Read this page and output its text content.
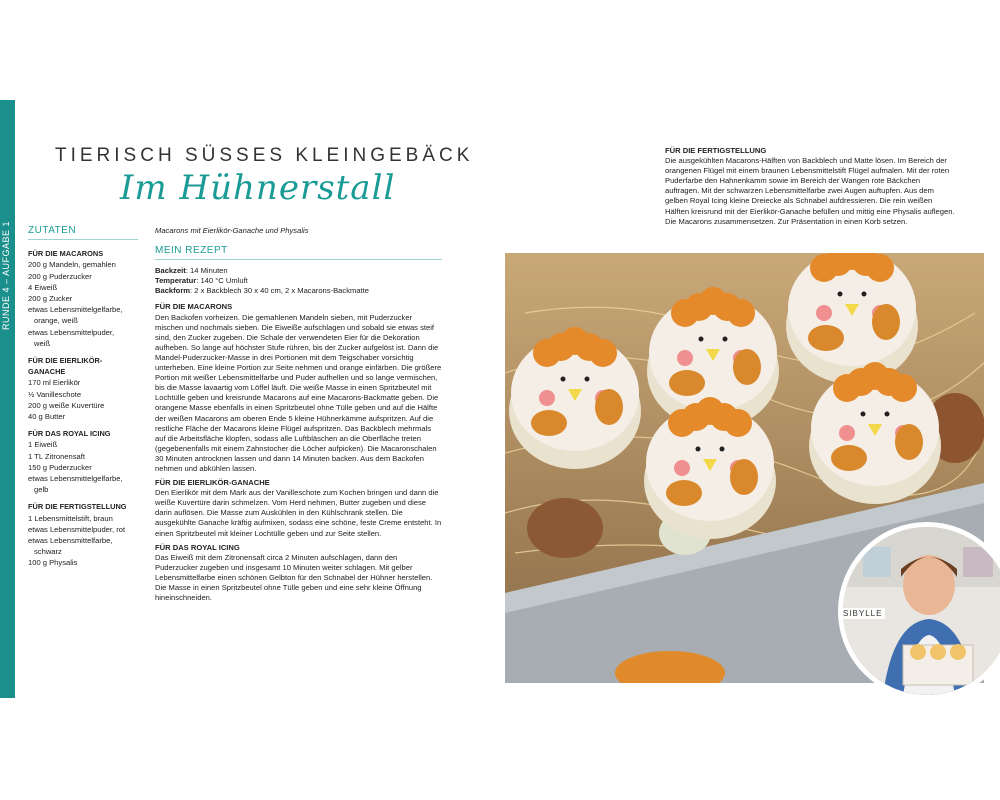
RUNDE 4 – AUFGABE 1
116
TIERISCH SÜSSES KLEINGEBÄCK
Im Hühnerstall
ZUTATEN
FÜR DIE MACARONS
200 g Mandeln, gemahlen
200 g Puderzucker
4 Eiweiß
200 g Zucker
etwas Lebensmittelgelfarbe,
orange, weiß
etwas Lebensmittelpuder,
weiß
FÜR DIE EIERLIKÖR-GANACHE
170 ml Eierlikör
½ Vanilleschote
200 g weiße Kuvertüre
40 g Butter
FÜR DAS ROYAL ICING
1 Eiweiß
1 TL Zitronensaft
150 g Puderzucker
etwas Lebensmittelgelfarbe,
gelb
FÜR DIE FERTIGSTELLUNG
1 Lebensmittelstift, braun
etwas Lebensmittelpuder, rot
etwas Lebensmittelfarbe,
schwarz
100 g Physalis
Macarons mit Eierlikör-Ganache und Physalis
MEIN REZEPT
Backzeit: 14 Minuten
Temperatur: 140 °C Umluft
Backform: 2 x Backblech 30 x 40 cm, 2 x Macarons-Backmatte
FÜR DIE MACARONS

Den Backofen vorheizen. Die gemahlenen Mandeln sieben, mit Puderzucker mischen und nochmals sieben. Die Eiweiße aufschlagen und sobald sie etwas steif sind, den Zucker zugeben. Die Schale der verwendeten Eier für die Dekoration aufheben. So lange auf höchster Stufe rühren, bis der Zucker aufgelöst ist. Dann die Mandel-Puderzucker-Masse in drei Portionen mit dem Teigschaber vorsichtig unterheben. Eine kleine Portion zur Seite nehmen und orange einfärben. Die größere Portion mit weißer Lebensmittelfarbe und Puder aufhellen und so lange vermischen, bis die Masse lavaartig vom Löffel läuft. Die weiße Masse in einen Spritzbeutel mit Lochtülle geben und kreisrunde Macarons auf eine Macarons-Backmatte geben. Die orangene Masse ebenfalls in einen Spritzbeutel ohne Tülle geben und auf die Hälfte der weißen Macarons am oberen Ende 5 kleine Hühnerkämme aufspritzen. Auf die restliche Fläche der Macarons kleine Flügel aufspritzen. Das Backblech mehrmals auf die Arbeitsfläche klopfen, sodass alle Luftbläschen an die Oberfläche treten (gegebenenfalls mit einem Zahnstocher die Löcher aufpicken). Die Macaronschalen 30 Minuten antrocknen lassen und dann 14 Minuten backen. Aus dem Backofen nehmen und abkühlen lassen.

FÜR DIE EIERLIKÖR-GANACHE

Den Eierlikör mit dem Mark aus der Vanilleschote zum Kochen bringen und dann die weiße Kuvertüre darin schmelzen. Vom Herd nehmen, Butter zugeben und diese darin auflösen. Die Masse zum Auskühlen in den Kühlschrank stellen. Die ausgekühlte Ganache kräftig aufmixen, sodass eine schöne, feste Creme entsteht. In einen Spritzbeutel mit kleiner Lochtülle geben und zur Seite stellen.

FÜR DAS ROYAL ICING

Das Eiweiß mit dem Zitronensaft circa 2 Minuten aufschlagen, dann den Puderzucker zugeben und insgesamt 10 Minuten weiter schlagen. Mit gelber Lebensmittelfarbe einen schönen Gelbton für den Schnabel der Hühner herstellen. Die Masse in einen Spritzbeutel ohne Tülle geben und eine sehr kleine Öffnung hineinschneiden.

FÜR DIE FERTIGSTELLUNG

Die ausgekühlten Macarons-Hälften von Backblech und Matte lösen. Im Bereich der orangenen Flügel mit einem braunen Lebensmittelstift Flügel aufmalen. Mit der roten Puderfarbe den Hahnenkamm sowie im Bereich der Wangen rote Bäckchen auftragen. Mit der schwarzen Lebensmittelfarbe zwei Augen auftupfen. Aus dem gelben Royal Icing kleine Dreiecke als Schnabel aufdressieren. Die rein weißen Hälften kreisrund mit der Eierlikör-Ganache befüllen und mittig eine Physalis auflegen. Die Macarons zusammensetzen. Zur Präsentation in einen Korb setzen.

SIBYLLE
